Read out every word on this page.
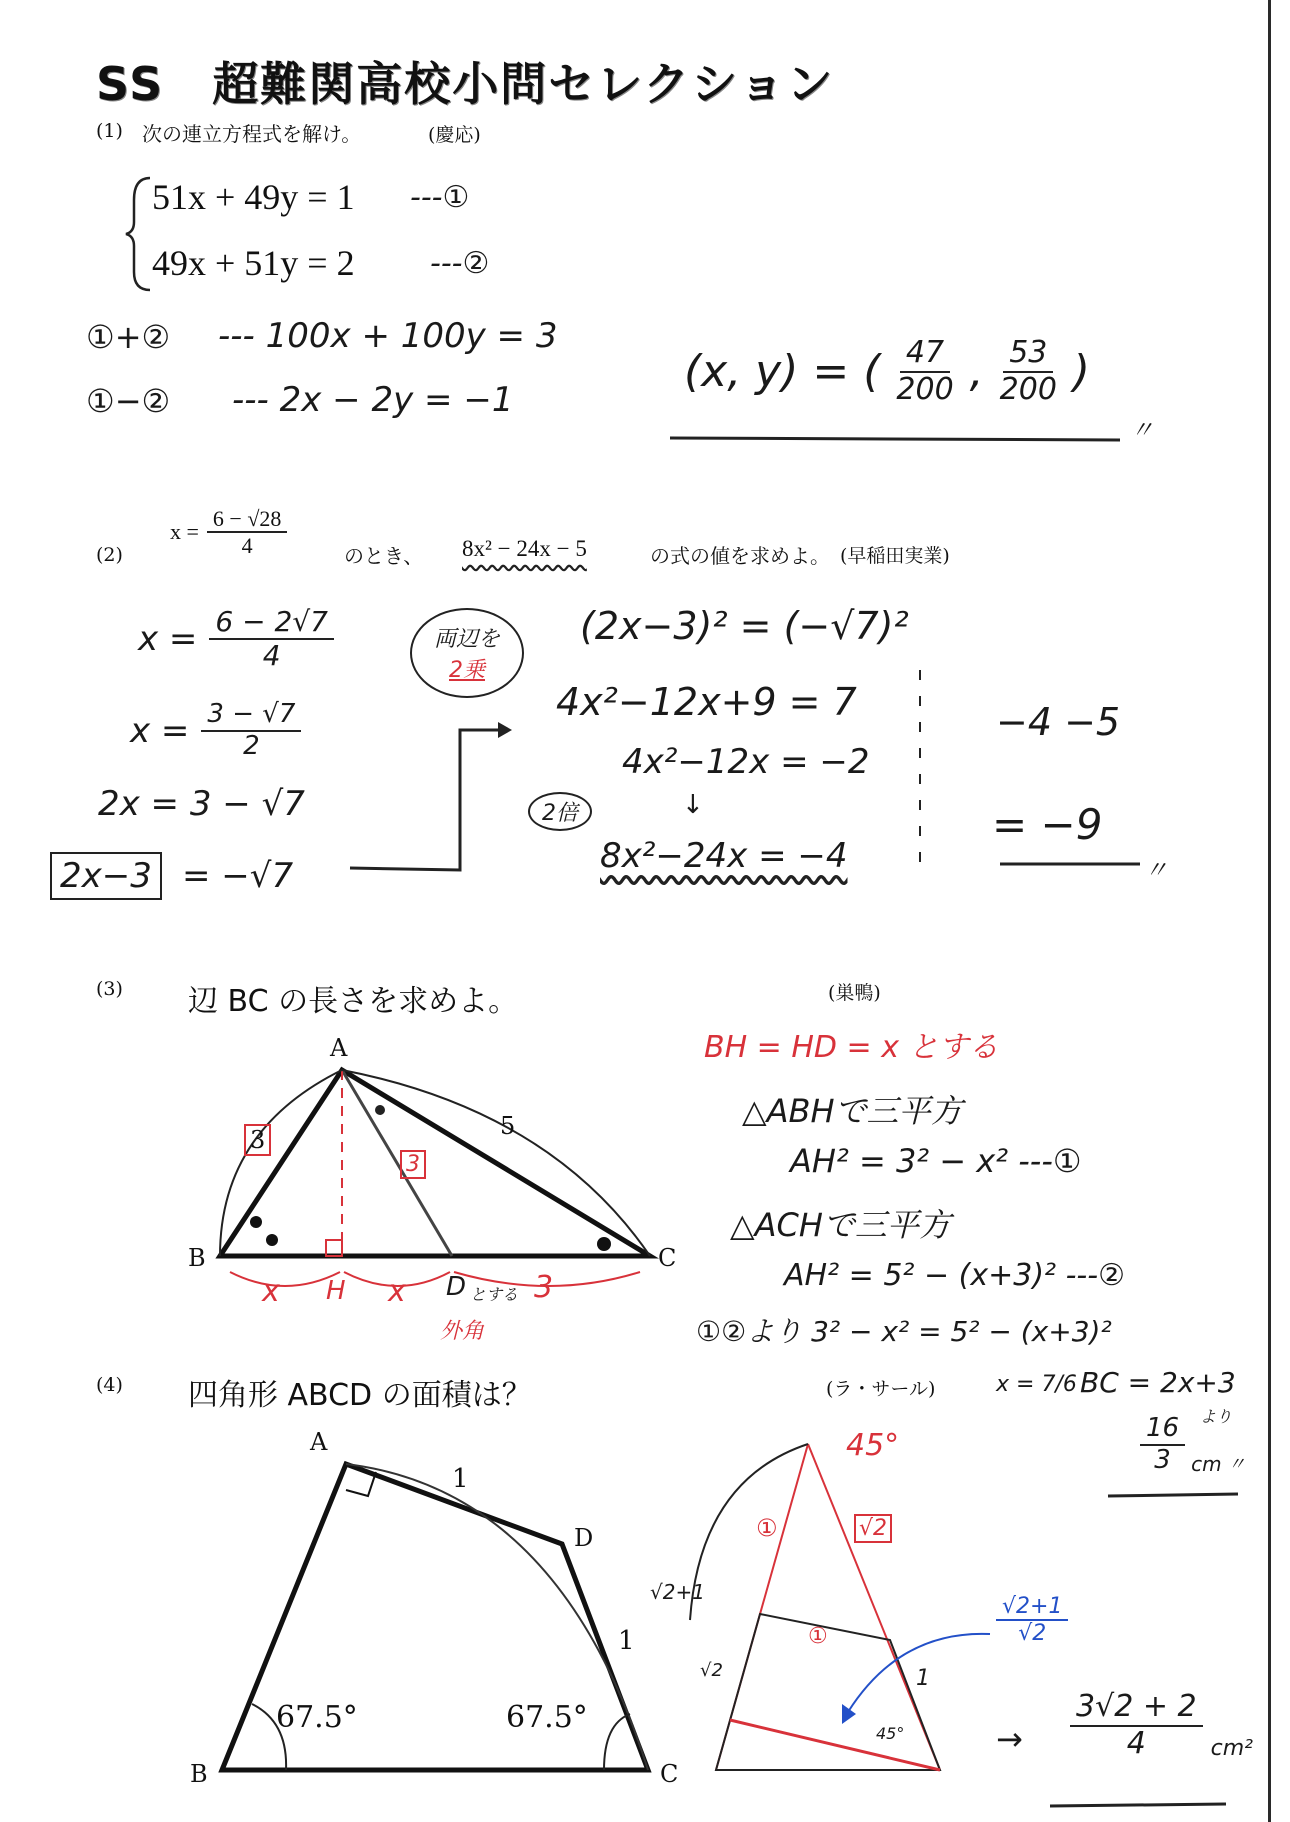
SS　超難関高校小問セレクション
(1) 次の連立方程式を解け。	(慶応)
51x + 49y = 1 ---①
49x + 51y = 2	---②
①+② --- 100x + 100y = 3
①−② --- 2x − 2y = −1
(x, y) = ( $\frac{47}{200}$ , $\frac{53}{200}$ )
〃
(2)
$x = \frac{6 - √28}{4}$	のとき、 8x² − 24x − 5	の式の値を求めよ。 (早稲田実業)
$x = \frac{6 - 2√7}{4}$
$x = \frac{3 - √7}{2}$
2x = 3 − √7
2x−3 = −√7
両辺を
2乗
(2x−3)² = (−√7)²
4x²−12x+9 = 7
4x²−12x = −2
↓
2倍
8x²−24x = −4
−4 −5
= −9
〃
(3) 辺 BC の長さを求めよ。	(巣鴨)
A
B	C
3	5
3
x H x D とする 3
外角
BH = HD = x とする
△ABHで三平方
AH² = 3² − x² ---①
△ACHで三平方
AH² = 5² − (x+3)² ---②
①②より 3² − x² = 5² − (x+3)²
x = 7/6 BC = 2x+3
より
$\frac{16}{3}$ cm 〃
(4) 四角形 ABCD の面積は？	(ラ・サール)
A
D
B	C
1
1
67.5°	67.5°
45°
√2+1
①	√2
√2
①
1
45°
$\frac{√2+1}{√2}$
→ $\frac{3√2 + 2}{4} cm^2$
